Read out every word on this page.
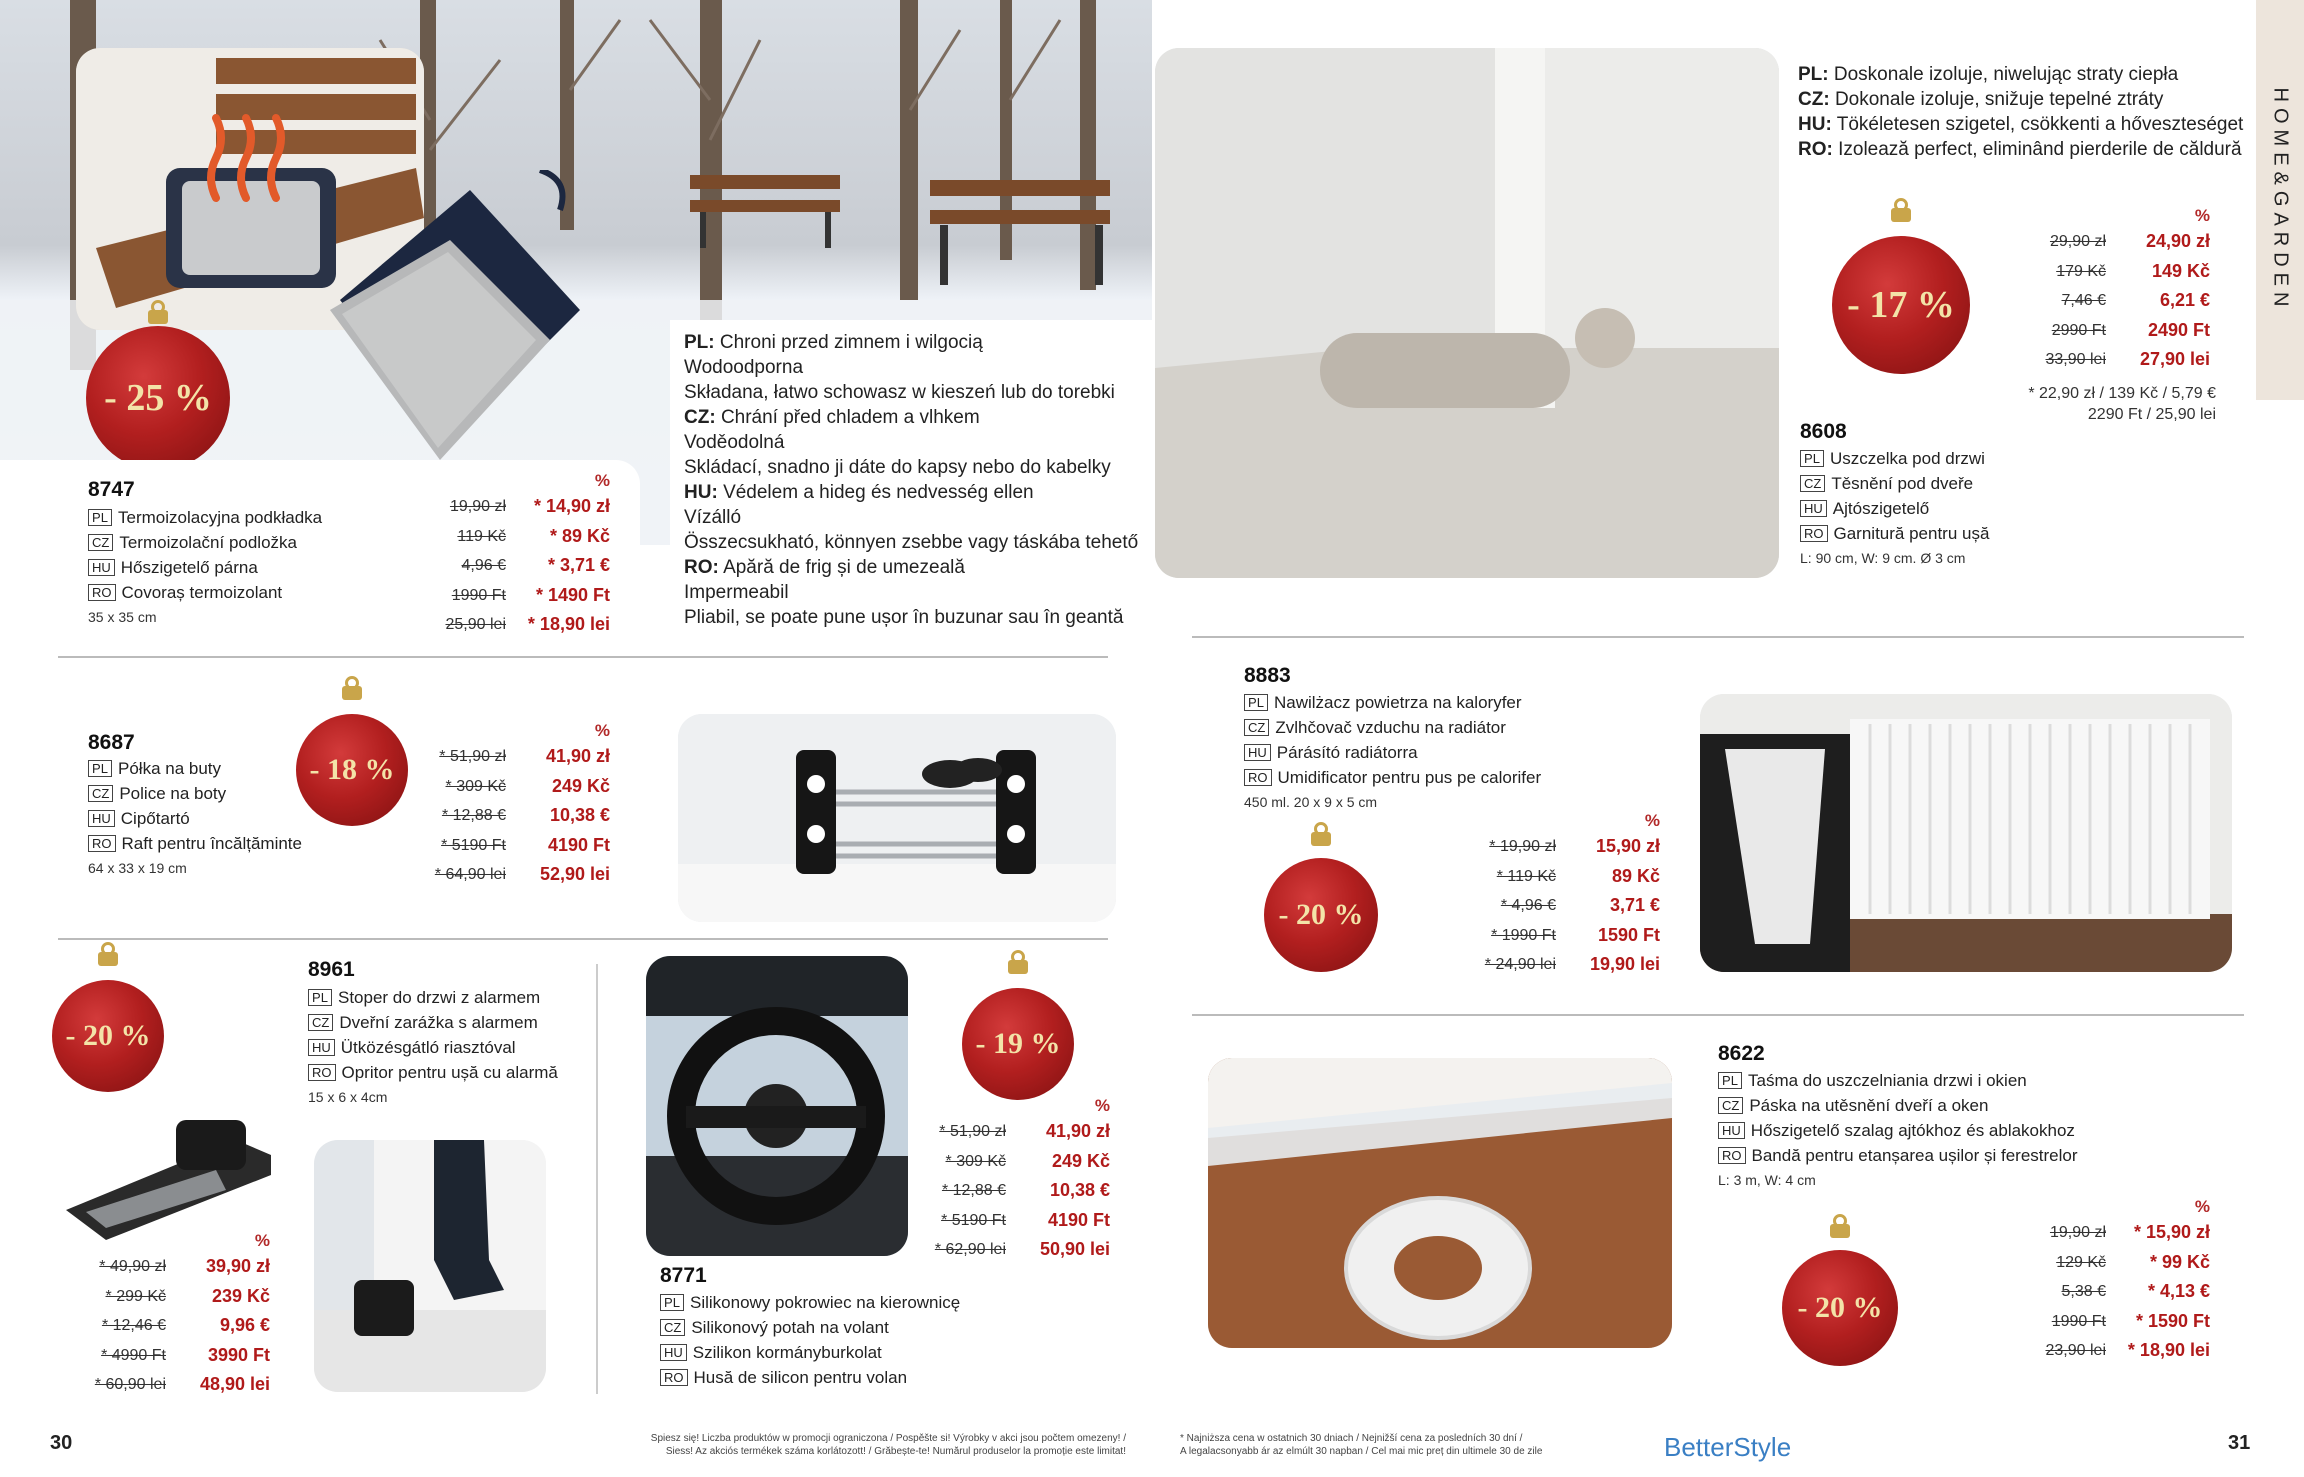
HOME&GARDEN
- 25 %
8747
PL Termoizolacyjna podkładka
CZ Termoizolační podložka
HU Hőszigetelő párna
RO Covoraș termoizolant
35 x 35 cm
%
19,90 zł	* 14,90 zł
119 Kč	* 89 Kč
4,96 €	* 3,71 €
1990 Ft	* 1490 Ft
25,90 lei	* 18,90 lei
PL: Chroni przed zimnem i wilgocią
Wodoodporna
Składana, łatwo schowasz w kieszeń lub do torebki
CZ: Chrání před chladem a vlhkem
Voděodolná
Skládací, snadno ji dáte do kapsy nebo do kabelky
HU: Védelem a hideg és nedvesség ellen
Vízálló
Összecsukható, könnyen zsebbe vagy táskába tehető
RO: Apără de frig și de umezeală
Impermeabil
Pliabil, se poate pune ușor în buzunar sau în geantă
8687
PL Półka na buty
CZ Police na boty
HU Cipőtartó
RO Raft pentru încălțăminte
64 x 33 x 19 cm
- 18 %
%
* 51,90 zł	41,90 zł
* 309 Kč	249 Kč
* 12,88 €	10,38 €
* 5190 Ft	4190 Ft
* 64,90 lei	52,90 lei
- 20 %
8961
PL Stoper do drzwi z alarmem
CZ Dveřní zarážka s alarmem
HU Ütközésgátló riasztóval
RO Opritor pentru ușă cu alarmă
15 x 6 x 4cm
%
* 49,90 zł	39,90 zł
* 299 Kč	239 Kč
* 12,46 €	9,96 €
* 4990 Ft	3990 Ft
* 60,90 lei	48,90 lei
- 19 %
%
* 51,90 zł	41,90 zł
* 309 Kč	249 Kč
* 12,88 €	10,38 €
* 5190 Ft	4190 Ft
* 62,90 lei	50,90 lei
8771
PL Silikonowy pokrowiec na kierownicę
CZ Silikonový potah na volant
HU Szilikon kormányburkolat
RO Husă de silicon pentru volan
PL: Doskonale izoluje, niwelując straty ciepła
CZ: Dokonale izoluje, snižuje tepelné ztráty
HU: Tökéletesen szigetel, csökkenti a hőveszteséget
RO: Izolează perfect, eliminând pierderile de căldură
- 17 %
%
29,90 zł	24,90 zł
179 Kč	149 Kč
7,46 €	6,21 €
2990 Ft	2490 Ft
33,90 lei	27,90 lei
* 22,90 zł / 139 Kč / 5,79 €
2290 Ft / 25,90 lei
8608
PL Uszczelka pod drzwi
CZ Těsnění pod dveře
HU Ajtószigetelő
RO Garnitură pentru ușă
L: 90 cm, W: 9 cm. Ø 3 cm
8883
PL Nawilżacz powietrza na kaloryfer
CZ Zvlhčovač vzduchu na radiátor
HU Párásító radiátorra
RO Umidificator pentru pus pe calorifer
450 ml. 20 x 9 x 5 cm
- 20 %
%
* 19,90 zł	15,90 zł
* 119 Kč	89 Kč
* 4,96 €	3,71 €
* 1990 Ft	1590 Ft
* 24,90 lei	19,90 lei
8622
PL Taśma do uszczelniania drzwi i okien
CZ Páska na utěsnění dveří a oken
HU Hőszigetelő szalag ajtókhoz és ablakokhoz
RO Bandă pentru etanșarea ușilor și ferestrelor
L: 3 m, W: 4 cm
- 20 %
%
19,90 zł	* 15,90 zł
129 Kč	* 99 Kč
5,38 €	* 4,13 €
1990 Ft	* 1590 Ft
23,90 lei	* 18,90 lei
30	Spiesz się! Liczba produktów w promocji ograniczona / Pospěšte si! Výrobky v akci jsou počtem omezeny! /
Siess! Az akciós termékek száma korlátozott! / Grăbește-te! Numărul produselor la promoție este limitat!
* Najniższa cena w ostatnich 30 dniach / Nejnižší cena za posledních 30 dní /
A legalacsonyabb ár az elmúlt 30 napban / Cel mai mic preț din ultimele 30 de zile	BetterStyle	31
